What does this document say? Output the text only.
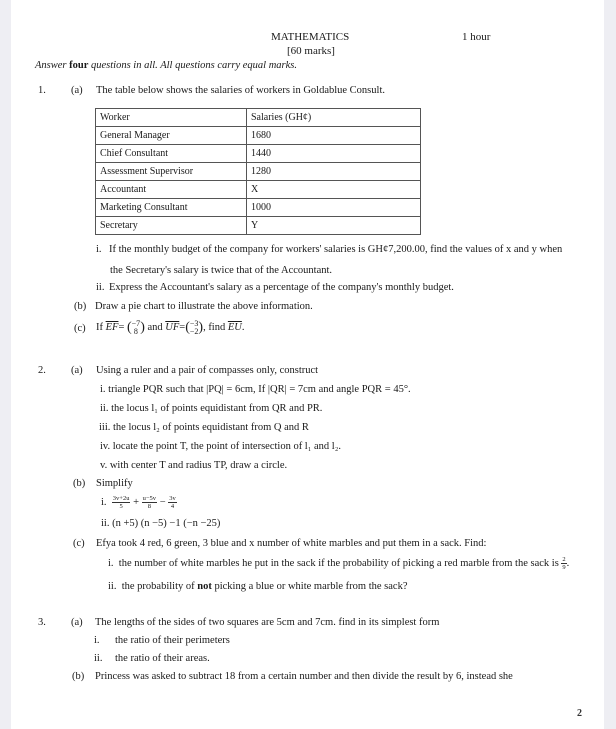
MATHEMATICS	1 hour
[60 marks]
Answer four questions in all. All questions carry equal marks.
1. (a) The table below shows the salaries of workers in Goldablue Consult.
Worker	Salaries (GH¢)
General Manager	1680
Chief Consultant	1440
Assessment Supervisor	1280
Accountant	X
Marketing Consultant	1000
Secretary	Y
i. If the monthly budget of the company for workers' salaries is GH¢7,200.00, find the values of x and y when
the Secretary's salary is twice that of the Accountant.
ii. Express the Accountant's salary as a percentage of the company's monthly budget.
(b) Draw a pie chart to illustrate the above information.
(c) If $\overline{EF}=$ ( −7
8 ) and $\overline{UF}=( -3$
−2 ), find $\overline{EU}$.
2. (a) Using a ruler and a pair of compasses only, construct
i. triangle PQR such that |PQ| = 6cm, If |QR| = 7cm and angle PQR = 45°.
ii. the locus l₁ of points equidistant from QR and PR.
iii. the locus l₂ of points equidistant from Q and R
iv. locate the point T, the point of intersection of l₁ and l₂.
v. with center T and radius TP, draw a circle.
(b) Simplify
i. $\frac{3v+2u}{5} + \frac{u-5v}{8} - \frac{3v}{4}$
ii. (n +5) (n −5) −1 (−n −25)
(c) Efya took 4 red, 6 green, 3 blue and x number of white marbles and put them in a sack. Find:
i. the number of white marbles he put in the sack if the probability of picking a red marble from the sack is $\frac{2}{9}$ .
ii. the probability of not picking a blue or white marble from the sack?
3. (a) The lengths of the sides of two squares are 5cm and 7cm. find in its simplest form
i. the ratio of their perimeters
ii. the ratio of their areas.
(b) Princess was asked to subtract 18 from a certain number and then divide the result by 6, instead she
2
